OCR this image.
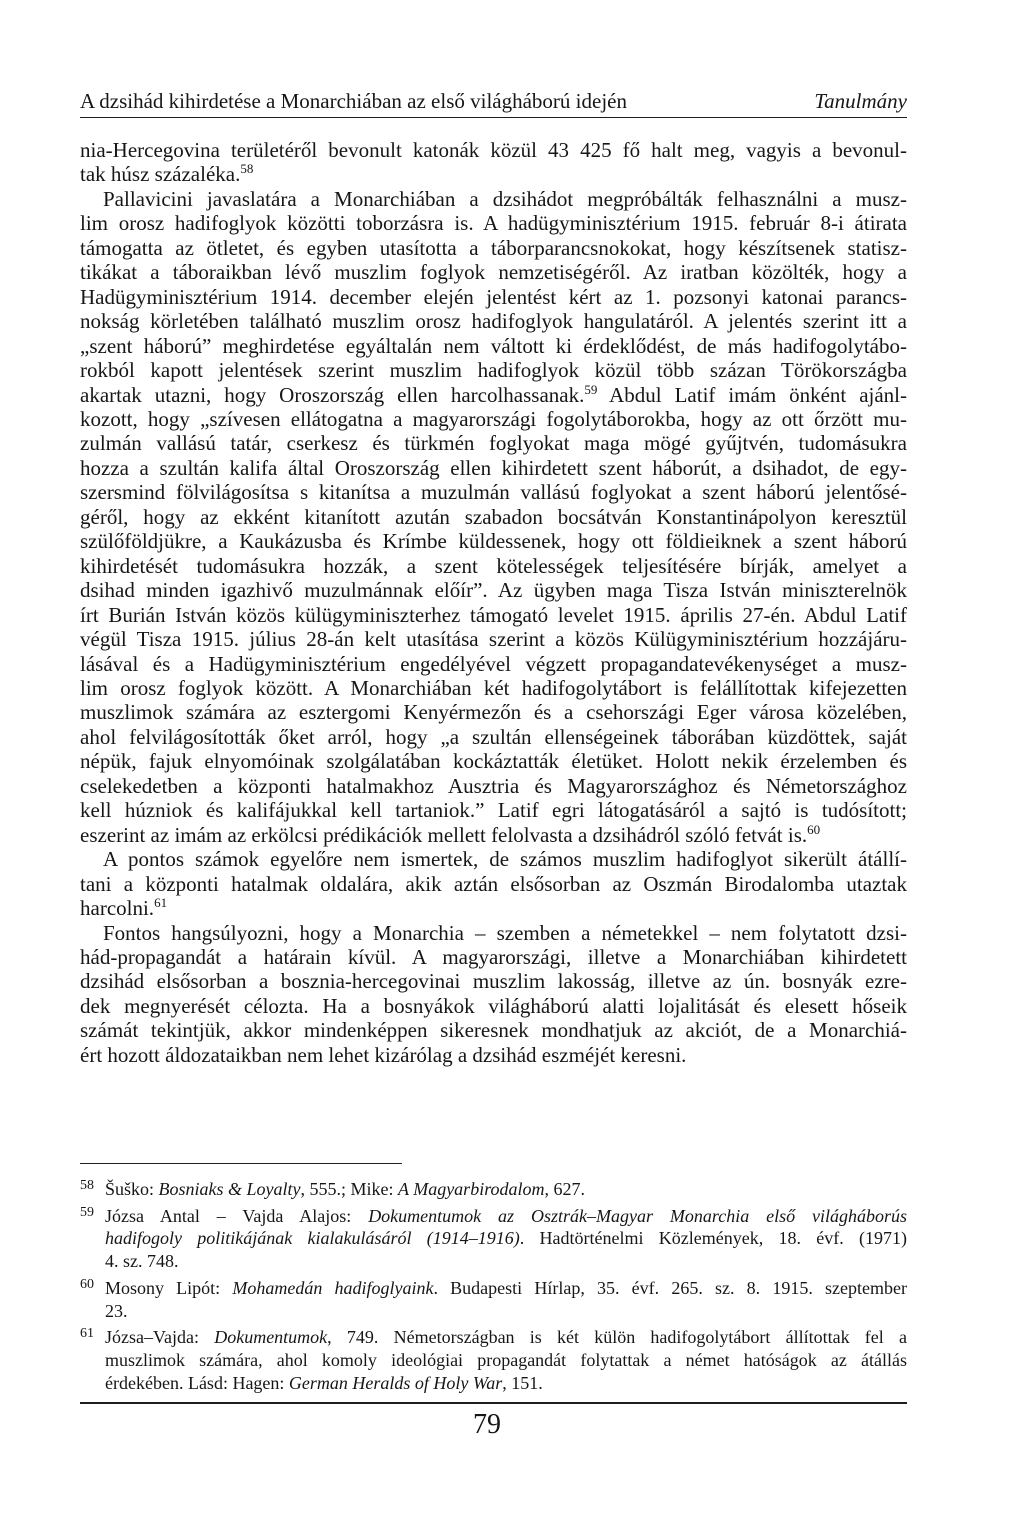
A dzsihád kihirdetése a Monarchiában az első világháború idején	Tanulmány
nia-Hercegovina területéről bevonult katonák közül 43 425 fő halt meg, vagyis a bevonul-
tak húsz százaléka.$^{58}$
Pallavicini javaslatára a Monarchiában a dzsihádot megpróbálták felhasználni a musz-
lim orosz hadifoglyok közötti toborzásra is. A hadügyminisztérium 1915. február 8-i átirata
támogatta az ötletet, és egyben utasította a táborparancsnokokat, hogy készítsenek statisz-
tikákat a táboraikban lévő muszlim foglyok nemzetiségéről. Az iratban közölték, hogy a
Hadügyminisztérium 1914. december elején jelentést kért az 1. pozsonyi katonai parancs-
nokság körletében található muszlim orosz hadifoglyok hangulatáról. A jelentés szerint itt a
„szent háború” meghirdetése egyáltalán nem váltott ki érdeklődést, de más hadifogolytábo-
rokból kapott jelentések szerint muszlim hadifoglyok közül több százan Törökországba
akartak utazni, hogy Oroszország ellen harcolhassanak.$^{59}$ Abdul Latif imám önként ajánl-
kozott, hogy „szívesen ellátogatna a magyarországi fogolytáborokba, hogy az ott őrzött mu-
zulmán vallású tatár, cserkesz és türkmén foglyokat maga mögé gyűjtvén, tudomásukra
hozza a szultán kalifa által Oroszország ellen kihirdetett szent háborút, a dsihadot, de egy-
szersmind fölvilágosítsa s kitanítsa a muzulmán vallású foglyokat a szent háború jelentősé-
géről, hogy az ekként kitanított azután szabadon bocsátván Konstantinápolyon keresztül
szülőföldjükre, a Kaukázusba és Krímbe küldessenek, hogy ott földieiknek a szent háború
kihirdetését tudomásukra hozzák, a szent kötelességek teljesítésére bírják, amelyet a
dsihad minden igazhivő muzulmánnak előír”. Az ügyben maga Tisza István miniszterelnök
írt Burián István közös külügyminiszterhez támogató levelet 1915. április 27-én. Abdul Latif
végül Tisza 1915. július 28-án kelt utasítása szerint a közös Külügyminisztérium hozzájáru-
lásával és a Hadügyminisztérium engedélyével végzett propagandatevékenységet a musz-
lim orosz foglyok között. A Monarchiában két hadifogolytábort is felállítottak kifejezetten
muszlimok számára az esztergomi Kenyérmezőn és a csehországi Eger városa közelében,
ahol felvilágosították őket arról, hogy „a szultán ellenségeinek táborában küzdöttek, saját
népük, fajuk elnyomóinak szolgálatában kockáztatták életüket. Holott nekik érzelemben és
cselekedetben a központi hatalmakhoz Ausztria és Magyarországhoz és Németországhoz
kell húzniok és kalifájukkal kell tartaniok.” Latif egri látogatásáról a sajtó is tudósított;
eszerint az imám az erkölcsi prédikációk mellett felolvasta a dzsihádról szóló fetvát is.$^{60}$
A pontos számok egyelőre nem ismertek, de számos muszlim hadifoglyot sikerült átállí-
tani a központi hatalmak oldalára, akik aztán elsősorban az Oszmán Birodalomba utaztak
harcolni.$^{61}$
Fontos hangsúlyozni, hogy a Monarchia – szemben a németekkel – nem folytatott dzsi-
hád-propagandát a határain kívül. A magyarországi, illetve a Monarchiában kihirdetett
dzsihád elsősorban a bosznia-hercegovinai muszlim lakosság, illetve az ún. bosnyák ezre-
dek megnyerését célozta. Ha a bosnyákok világháború alatti lojalitását és elesett hőseik
számát tekintjük, akkor mindenképpen sikeresnek mondhatjuk az akciót, de a Monarchiá-
ért hozott áldozataikban nem lehet kizárólag a dzsihád eszméjét keresni.
58 Šuško: Bosniaks & Loyalty, 555.; Mike: A Magyarbirodalom, 627.
59 Józsa Antal – Vajda Alajos: Dokumentumok az Osztrák–Magyar Monarchia első világháborús
hadifogoly politikájának kialakulásáról (1914–1916). Hadtörténelmi Közlemények, 18. évf. (1971)
4. sz. 748.
60 Mosony Lipót: Mohamedán hadifoglyaink. Budapesti Hírlap, 35. évf. 265. sz. 8. 1915. szeptember
23.
61 Józsa–Vajda: Dokumentumok, 749. Németországban is két külön hadifogolytábort állítottak fel a
muszlimok számára, ahol komoly ideológiai propagandát folytattak a német hatóságok az átállás
érdekében. Lásd: Hagen: German Heralds of Holy War, 151.
79
